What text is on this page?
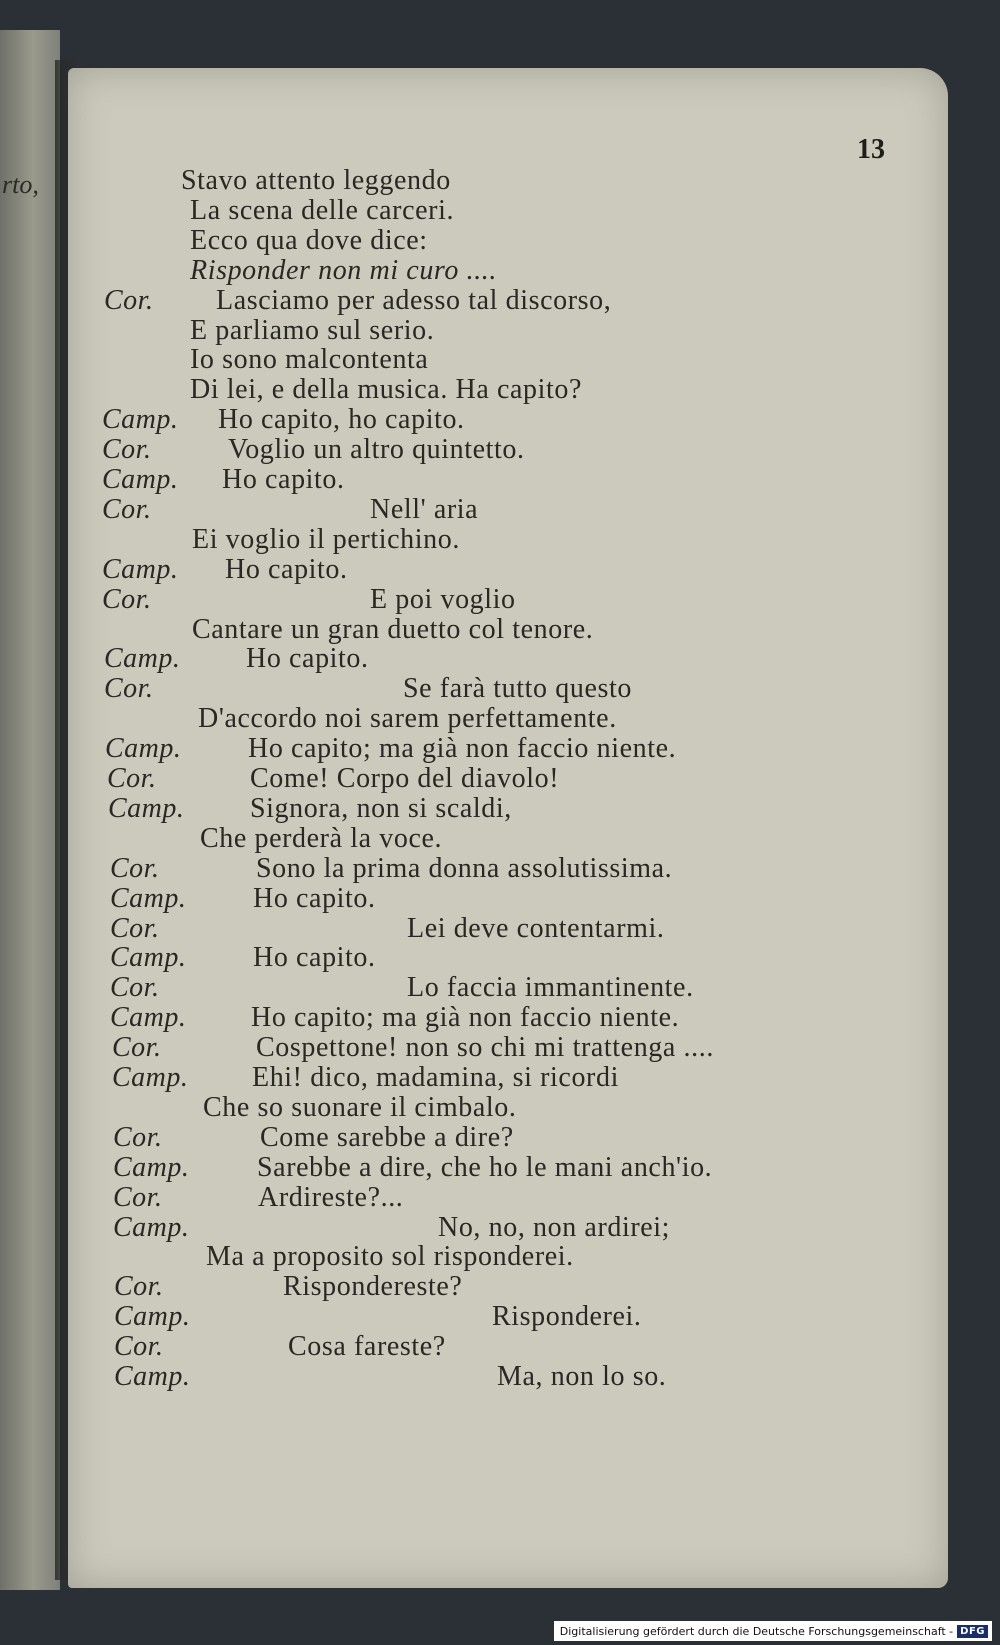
rto,
13
Stavo attento leggendo
La scena delle carceri.
Ecco qua dove dice:
Risponder non mi curo ....
Cor. Lasciamo per adesso tal discorso,
E parliamo sul serio.
Io sono malcontenta
Di lei, e della musica. Ha capito?
Camp. Ho capito, ho capito.
Cor.	Voglio un altro quintetto.
Camp. Ho capito.
Cor.	Nell' aria
Ei voglio il pertichino.
Camp. Ho capito.
Cor.	E poi voglio
Cantare un gran duetto col tenore.
Camp. Ho capito.
Cor.	Se farà tutto questo
D'accordo noi sarem perfettamente.
Camp. Ho capito; ma già non faccio niente.
Cor.	Come! Corpo del diavolo!
Camp. Signora, non si scaldi,
Che perderà la voce.
Cor.	Sono la prima donna assolutissima.
Camp. Ho capito.
Cor.	Lei deve contentarmi.
Camp. Ho capito.
Cor.	Lo faccia immantinente.
Camp. Ho capito; ma già non faccio niente.
Cor.	Cospettone! non so chi mi trattenga ....
Camp. Ehi! dico, madamina, si ricordi
Che so suonare il cimbalo.
Cor.	Come sarebbe a dire?
Camp. Sarebbe a dire, che ho le mani anch'io.
Cor.	Ardireste?...
Camp.	No, no, non ardirei;
Ma a proposito sol risponderei.
Cor.	Rispondereste?
Camp.	Risponderei.
Cor.	Cosa fareste?
Camp.	Ma, non lo so.
Digitalisierung gefördert durch die Deutsche Forschungsgemeinschaft - DFG
